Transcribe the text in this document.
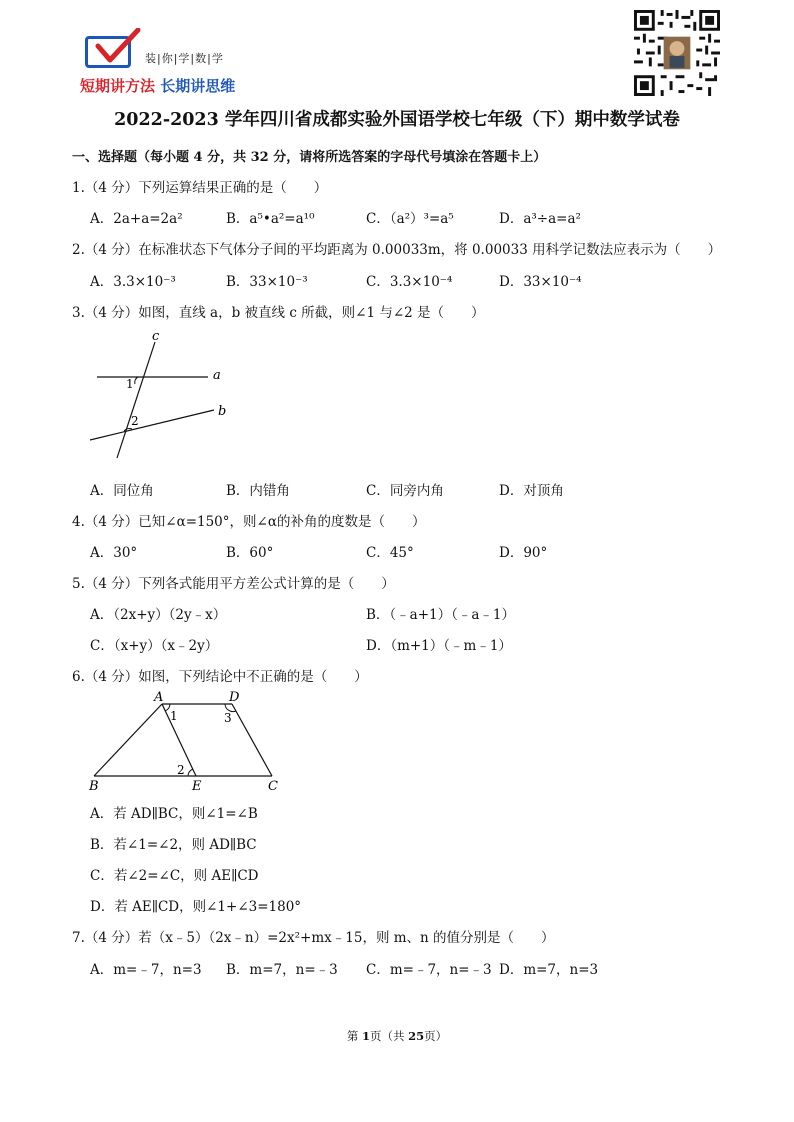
装|你|学|数|学
短期讲方法 长期讲思维
2022-2023 学年四川省成都实验外国语学校七年级（下）期中数学试卷
一、选择题（每小题 4 分，共 32 分，请将所选答案的字母代号填涂在答题卡上）
1.（4 分）下列运算结果正确的是（　　）
A．2a+a=2a²	B．a⁵•a²=a¹⁰	C．（a²）³=a⁵	D．a³÷a=a²
2.（4 分）在标准状态下气体分子间的平均距离为 0.00033m，将 0.00033 用科学记数法应表示为（　　）
A．3.3×10⁻³	B．33×10⁻³	C．3.3×10⁻⁴	D．33×10⁻⁴
3.（4 分）如图，直线 a，b 被直线 c 所截，则∠1 与∠2 是（　　）
c
a
b
1
2
A．同位角	B．内错角	C．同旁内角	D．对顶角
4.（4 分）已知∠α=150°，则∠α的补角的度数是（　　）
A．30°	B．60°	C．45°	D．90°
5.（4 分）下列各式能用平方差公式计算的是（　　）
A．（2x+y）（2y﹣x）	B．（﹣a+1）（﹣a﹣1）
C．（x+y）（x﹣2y）	D．（m+1）（﹣m﹣1）
6.（4 分）如图，下列结论中不正确的是（　　）
A	D
B	E	C
1
2
3
A．若 AD∥BC，则∠1=∠B
B．若∠1=∠2，则 AD∥BC
C．若∠2=∠C，则 AE∥CD
D．若 AE∥CD，则∠1+∠3=180°
7.（4 分）若（x﹣5）（2x﹣n）=2x²+mx﹣15，则 m、n 的值分别是（　　）
A．m=﹣7，n=3 B．m=7，n=﹣3 C．m=﹣7，n=﹣3 D．m=7，n=3
第 1页（共 25页）
